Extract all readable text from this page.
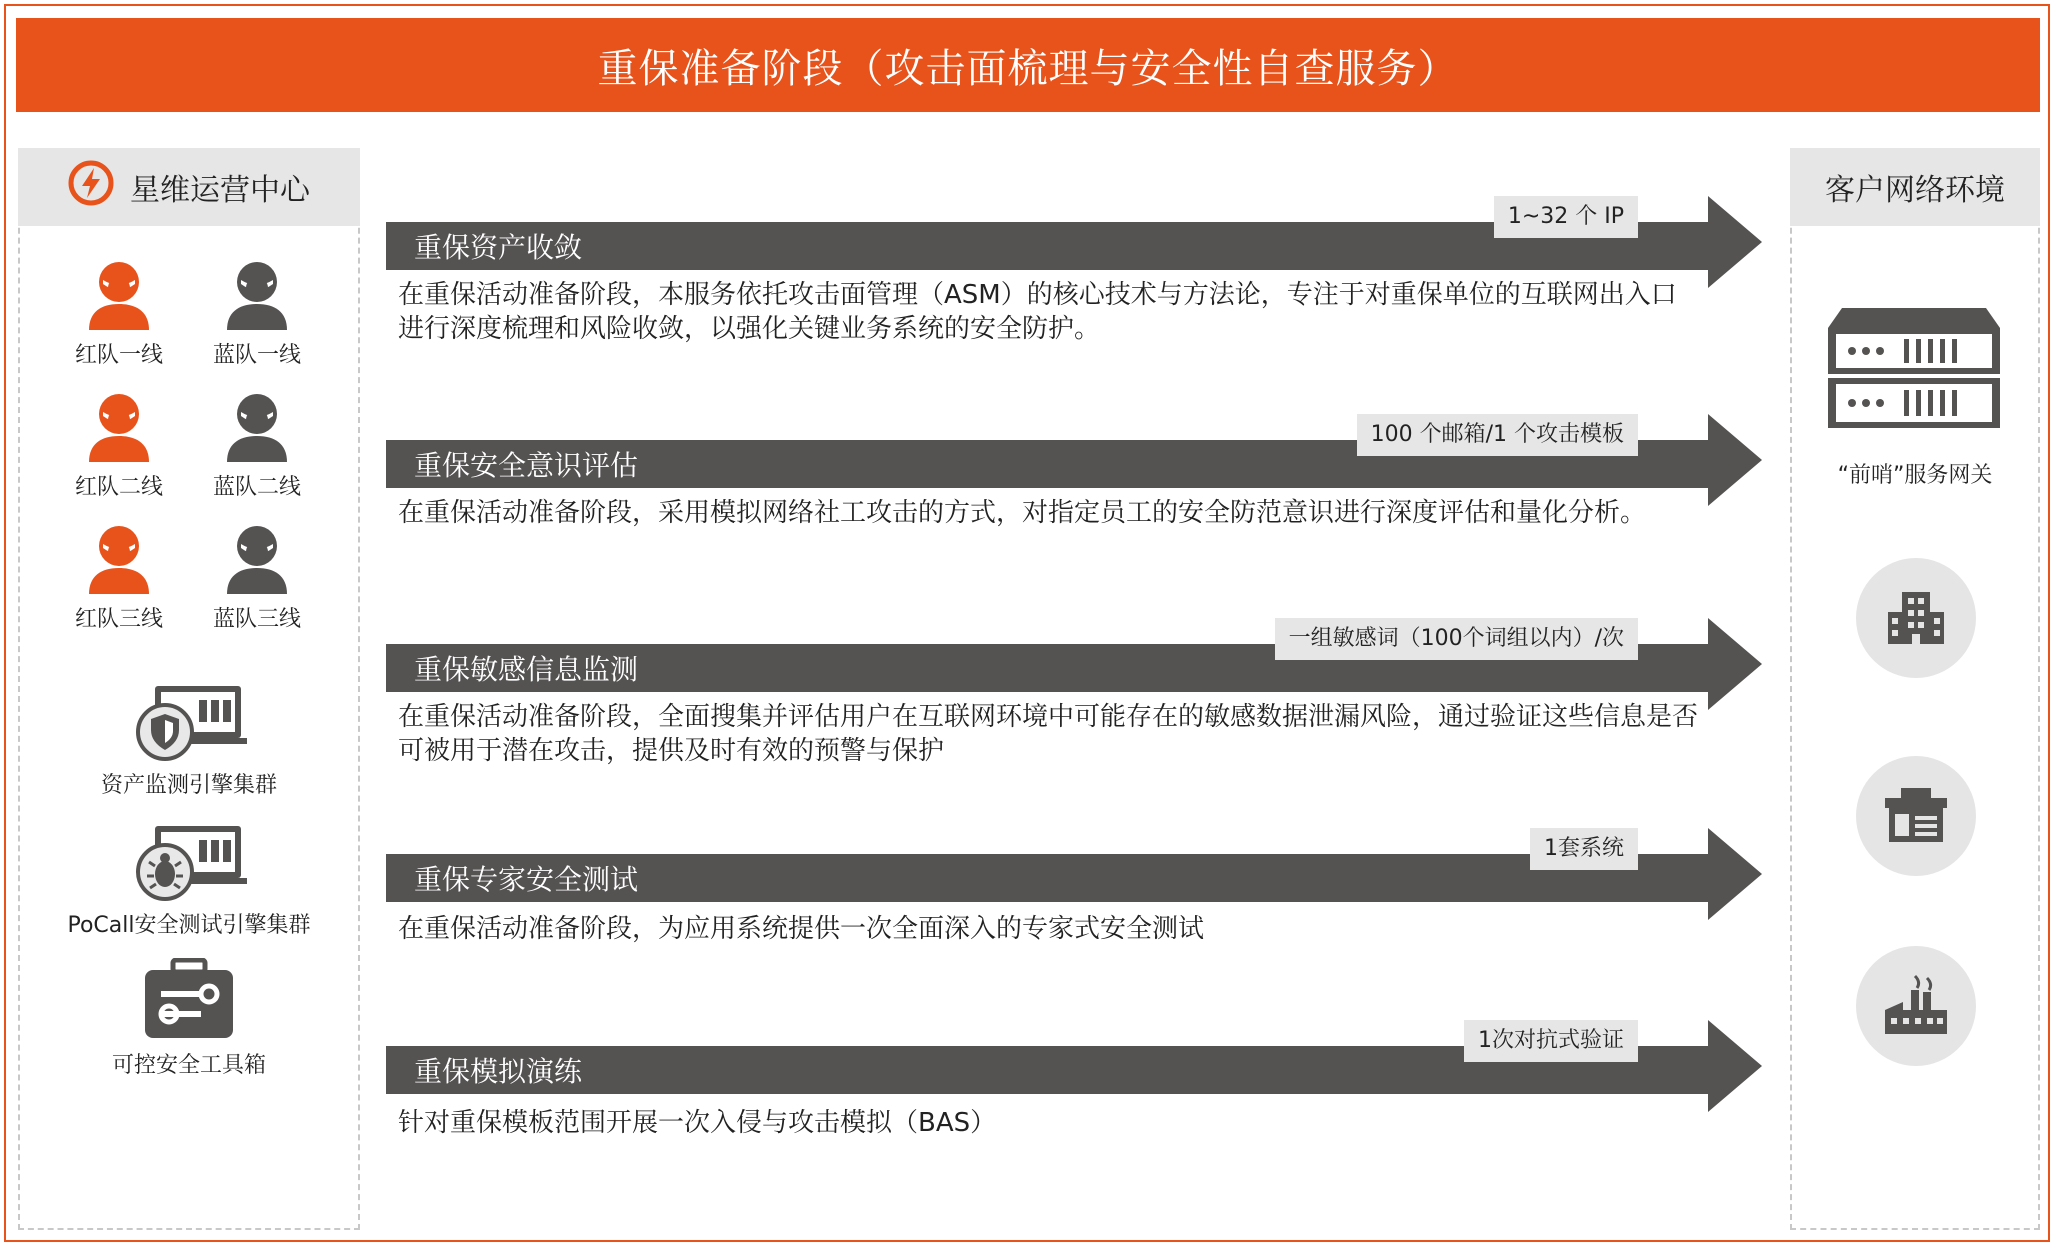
重保准备阶段（攻击面梳理与安全性自查服务）
星维运营中心
红队一线	蓝队一线
红队二线	蓝队二线
红队三线	蓝队三线
资产监测引擎集群
PoCall安全测试引擎集群
可控安全工具箱
客户网络环境
“前哨”服务网关
1~32 个 IP
重保资产收敛
在重保活动准备阶段，本服务依托攻击面管理（ASM）的核心技术与方法论，专注于对重保单位的互联网出入口进行深度梳理和风险收敛，以强化关键业务系统的安全防护。
100 个邮箱/1 个攻击模板
重保安全意识评估
在重保活动准备阶段，采用模拟网络社工攻击的方式，对指定员工的安全防范意识进行深度评估和量化分析。
一组敏感词（100个词组以内）/次
重保敏感信息监测
在重保活动准备阶段，全面搜集并评估用户在互联网环境中可能存在的敏感数据泄漏风险，通过验证这些信息是否可被用于潜在攻击，提供及时有效的预警与保护
1套系统
重保专家安全测试
在重保活动准备阶段，为应用系统提供一次全面深入的专家式安全测试
1次对抗式验证
重保模拟演练
针对重保模板范围开展一次入侵与攻击模拟（BAS）
